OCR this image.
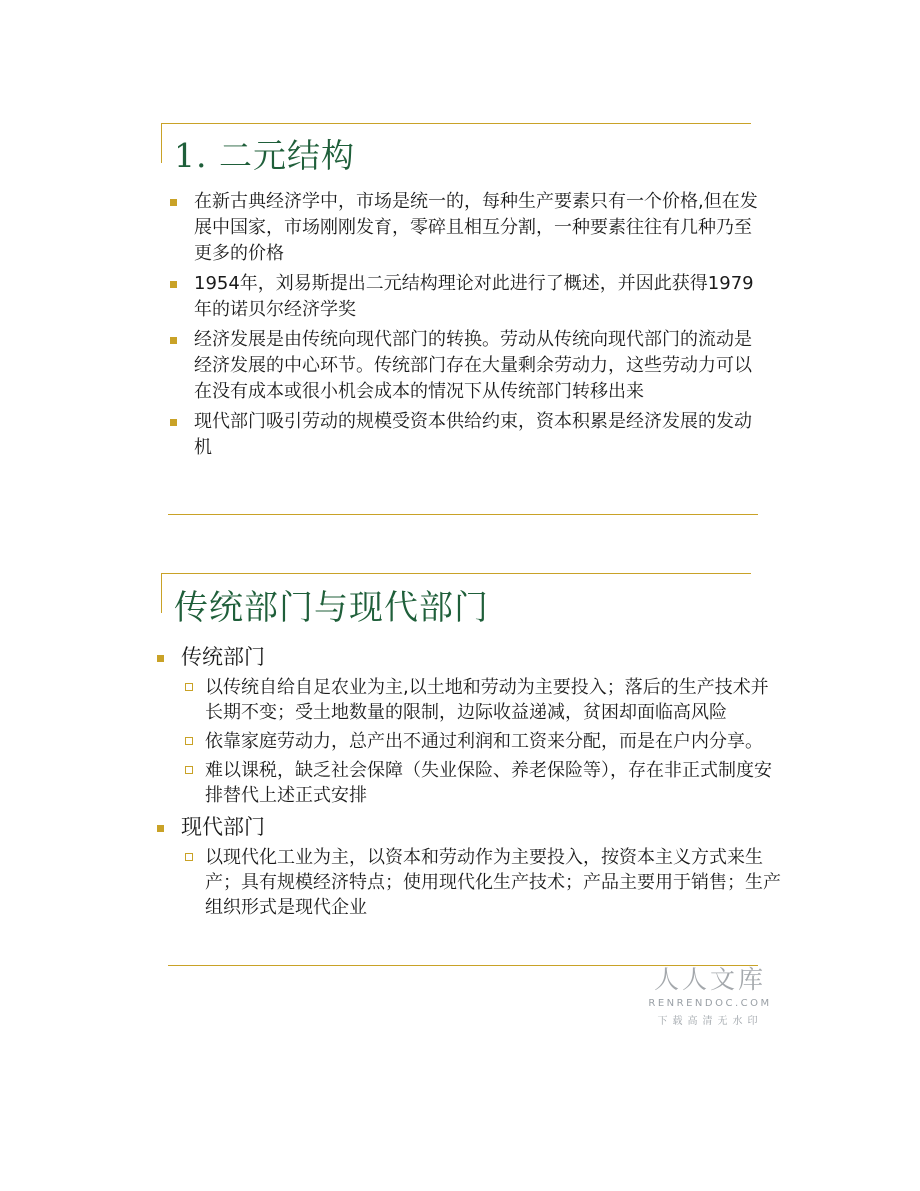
1. 二元结构
在新古典经济学中，市场是统一的，每种生产要素只有一个价格,但在发展中国家，市场刚刚发育，零碎且相互分割，一种要素往往有几种乃至更多的价格
1954年，刘易斯提出二元结构理论对此进行了概述，并因此获得1979年的诺贝尔经济学奖
经济发展是由传统向现代部门的转换。劳动从传统向现代部门的流动是经济发展的中心环节。传统部门存在大量剩余劳动力，这些劳动力可以在没有成本或很小机会成本的情况下从传统部门转移出来
现代部门吸引劳动的规模受资本供给约束，资本积累是经济发展的发动机
传统部门与现代部门
传统部门
以传统自给自足农业为主,以土地和劳动为主要投入；落后的生产技术并长期不变；受土地数量的限制，边际收益递减，贫困却面临高风险
依靠家庭劳动力，总产出不通过利润和工资来分配，而是在户内分享。
难以课税，缺乏社会保障（失业保险、养老保险等），存在非正式制度安排替代上述正式安排
现代部门
以现代化工业为主，以资本和劳动作为主要投入，按资本主义方式来生产；具有规模经济特点；使用现代化生产技术；产品主要用于销售；生产组织形式是现代企业
人人文库
RENRENDOC.COM
下载高清无水印
